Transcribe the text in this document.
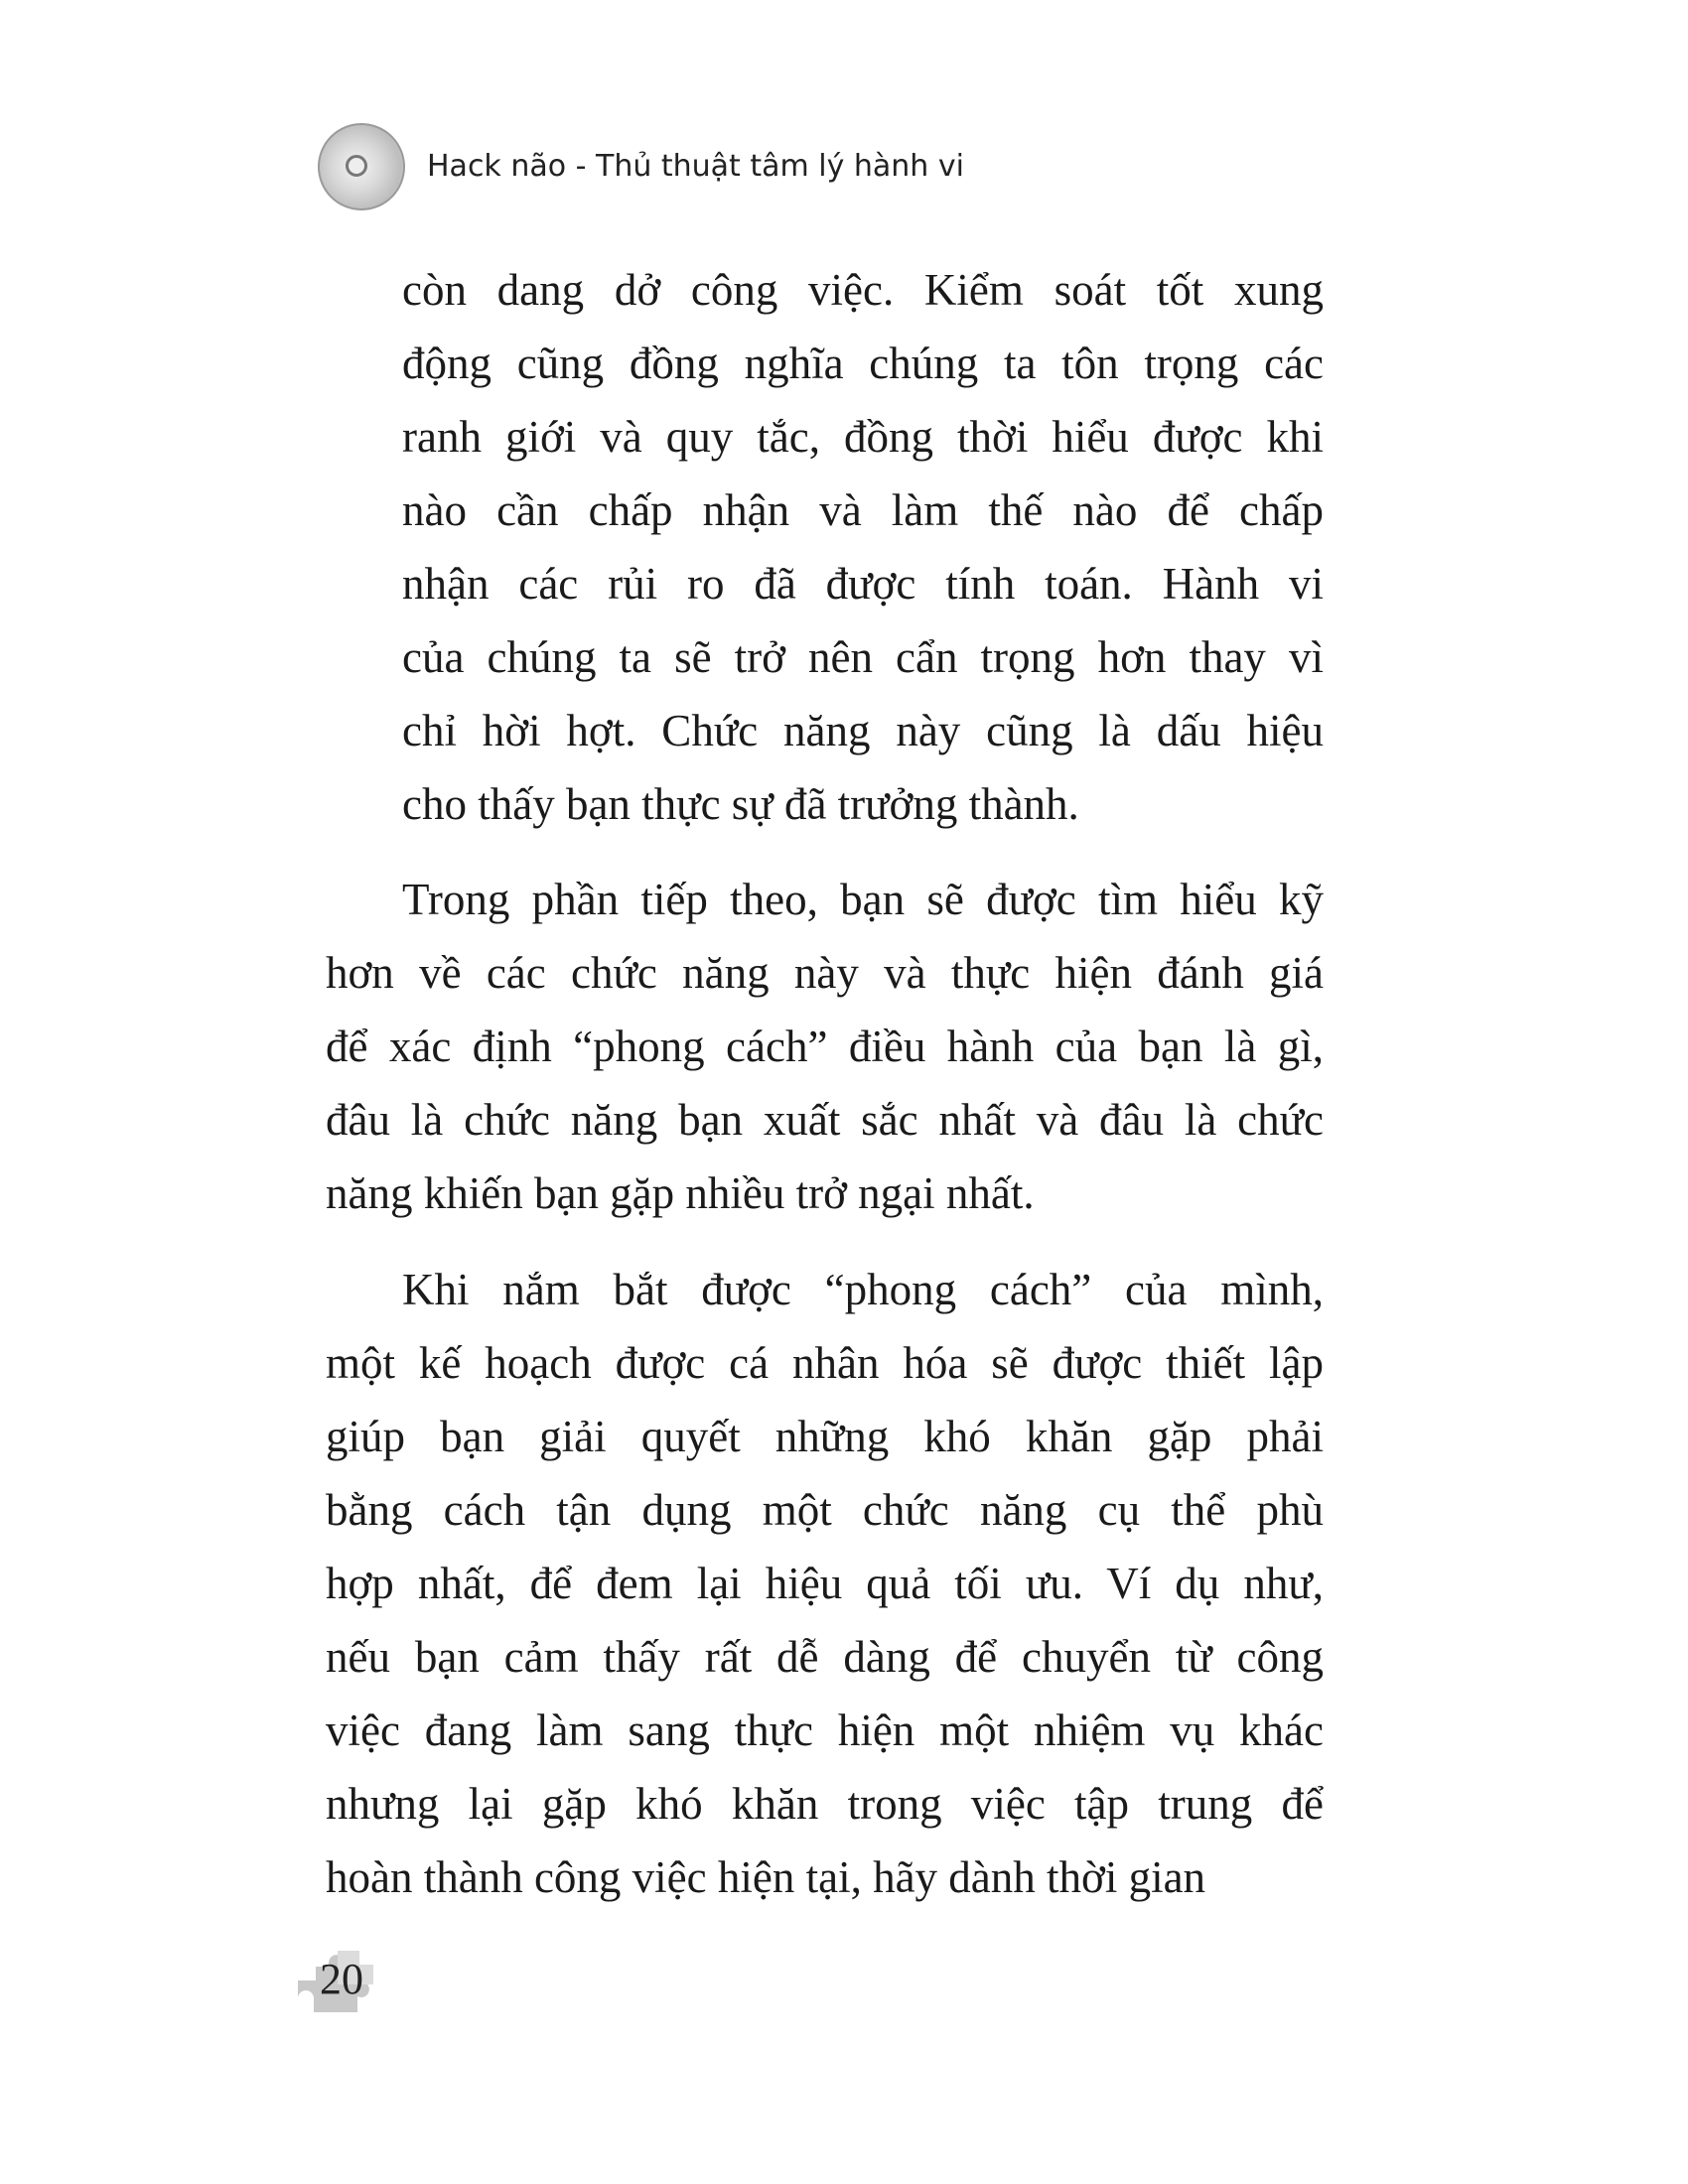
Hack não - Thủ thuật tâm lý hành vi
còn dang dở công việc. Kiểm soát tốt xung
động cũng đồng nghĩa chúng ta tôn trọng các
ranh giới và quy tắc, đồng thời hiểu được khi
nào cần chấp nhận và làm thế nào để chấp
nhận các rủi ro đã được tính toán. Hành vi
của chúng ta sẽ trở nên cẩn trọng hơn thay vì
chỉ hời hợt. Chức năng này cũng là dấu hiệu
cho thấy bạn thực sự đã trưởng thành.
Trong phần tiếp theo, bạn sẽ được tìm hiểu kỹ
hơn về các chức năng này và thực hiện đánh giá
để xác định “phong cách” điều hành của bạn là gì,
đâu là chức năng bạn xuất sắc nhất và đâu là chức
năng khiến bạn gặp nhiều trở ngại nhất.
Khi nắm bắt được “phong cách” của mình,
một kế hoạch được cá nhân hóa sẽ được thiết lập
giúp bạn giải quyết những khó khăn gặp phải
bằng cách tận dụng một chức năng cụ thể phù
hợp nhất, để đem lại hiệu quả tối ưu. Ví dụ như,
nếu bạn cảm thấy rất dễ dàng để chuyển từ công
việc đang làm sang thực hiện một nhiệm vụ khác
nhưng lại gặp khó khăn trong việc tập trung để
hoàn thành công việc hiện tại, hãy dành thời gian
20
